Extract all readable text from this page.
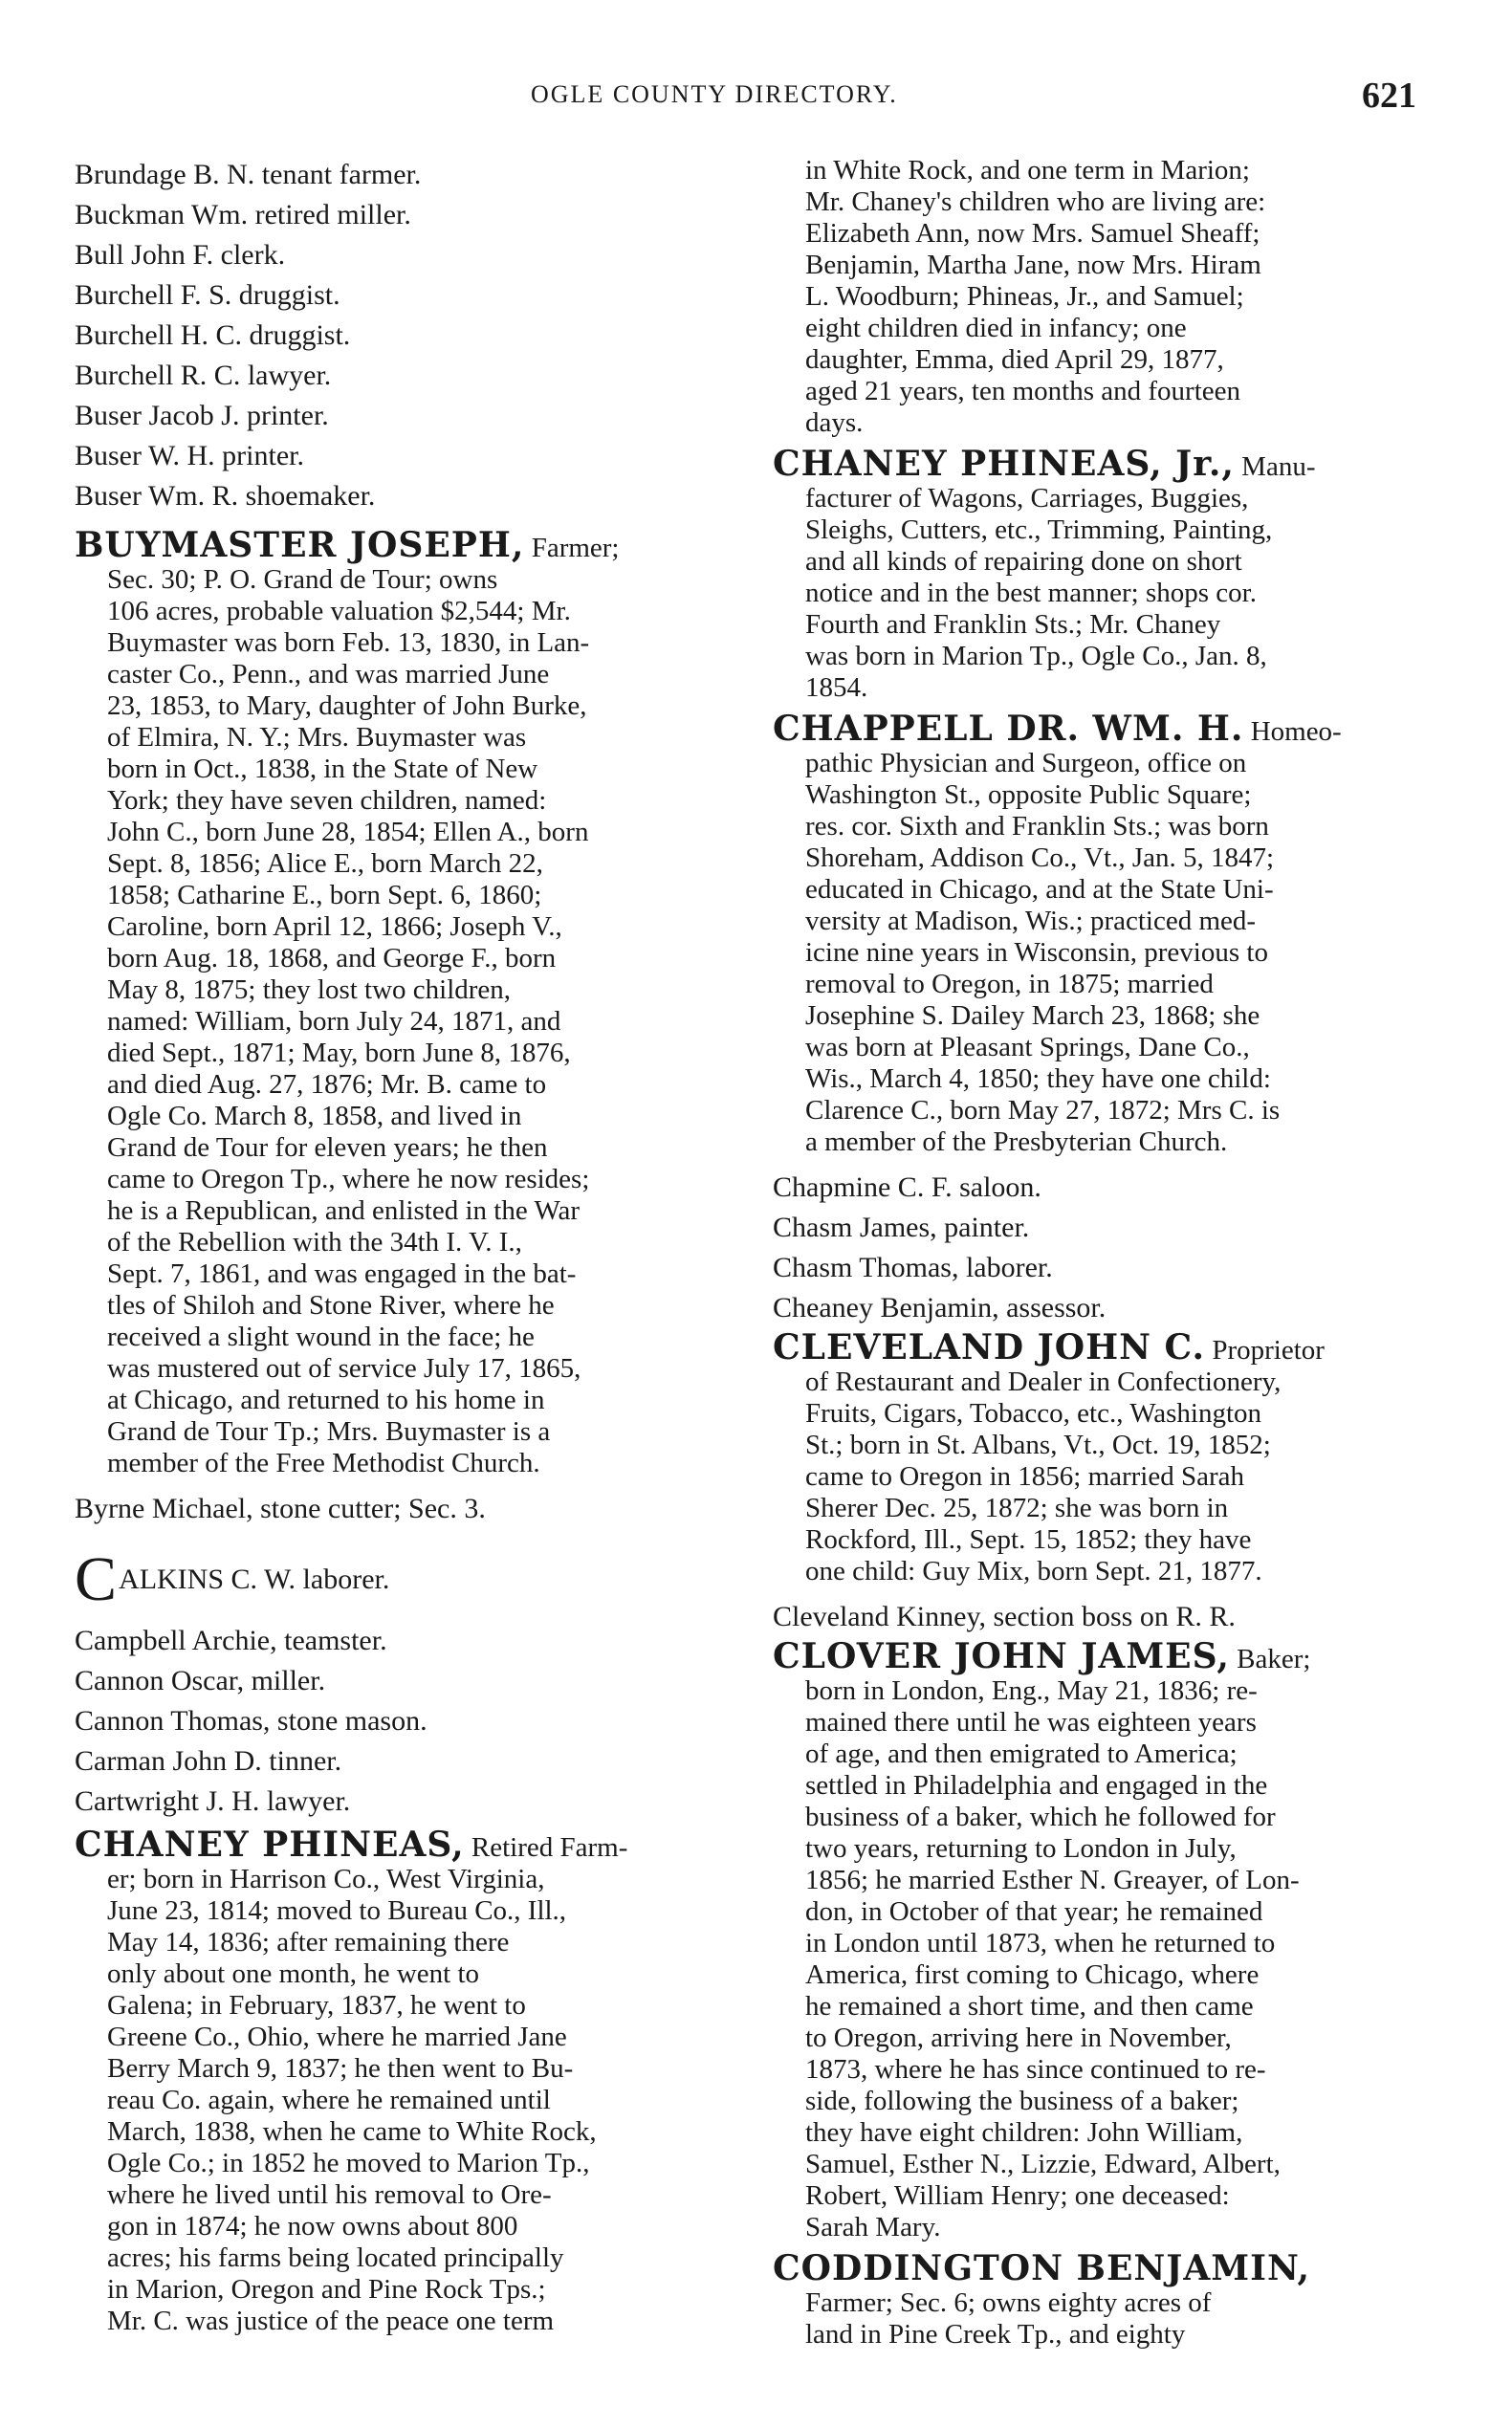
OGLE COUNTY DIRECTORY.	621
Brundage B. N. tenant farmer.
Buckman Wm. retired miller.
Bull John F. clerk.
Burchell F. S. druggist.
Burchell H. C. druggist.
Burchell R. C. lawyer.
Buser Jacob J. printer.
Buser W. H. printer.
Buser Wm. R. shoemaker.
BUYMASTER JOSEPH, Farmer;
Sec. 30; P. O. Grand de Tour; owns
106 acres, probable valuation $2,544; Mr.
Buymaster was born Feb. 13, 1830, in Lan-
caster Co., Penn., and was married June
23, 1853, to Mary, daughter of John Burke,
of Elmira, N. Y.; Mrs. Buymaster was
born in Oct., 1838, in the State of New
York; they have seven children, named:
John C., born June 28, 1854; Ellen A., born
Sept. 8, 1856; Alice E., born March 22,
1858; Catharine E., born Sept. 6, 1860;
Caroline, born April 12, 1866; Joseph V.,
born Aug. 18, 1868, and George F., born
May 8, 1875; they lost two children,
named: William, born July 24, 1871, and
died Sept., 1871; May, born June 8, 1876,
and died Aug. 27, 1876; Mr. B. came to
Ogle Co. March 8, 1858, and lived in
Grand de Tour for eleven years; he then
came to Oregon Tp., where he now resides;
he is a Republican, and enlisted in the War
of the Rebellion with the 34th I. V. I.,
Sept. 7, 1861, and was engaged in the bat-
tles of Shiloh and Stone River, where he
received a slight wound in the face; he
was mustered out of service July 17, 1865,
at Chicago, and returned to his home in
Grand de Tour Tp.; Mrs. Buymaster is a
member of the Free Methodist Church.
Byrne Michael, stone cutter; Sec. 3.
CALKINS C. W. laborer.
Campbell Archie, teamster.
Cannon Oscar, miller.
Cannon Thomas, stone mason.
Carman John D. tinner.
Cartwright J. H. lawyer.
CHANEY PHINEAS, Retired Farm-
er; born in Harrison Co., West Virginia,
June 23, 1814; moved to Bureau Co., Ill.,
May 14, 1836; after remaining there
only about one month, he went to
Galena; in February, 1837, he went to
Greene Co., Ohio, where he married Jane
Berry March 9, 1837; he then went to Bu-
reau Co. again, where he remained until
March, 1838, when he came to White Rock,
Ogle Co.; in 1852 he moved to Marion Tp.,
where he lived until his removal to Ore-
gon in 1874; he now owns about 800
acres; his farms being located principally
in Marion, Oregon and Pine Rock Tps.;
Mr. C. was justice of the peace one term
in White Rock, and one term in Marion;
Mr. Chaney's children who are living are:
Elizabeth Ann, now Mrs. Samuel Sheaff;
Benjamin, Martha Jane, now Mrs. Hiram
L. Woodburn; Phineas, Jr., and Samuel;
eight children died in infancy; one
daughter, Emma, died April 29, 1877,
aged 21 years, ten months and fourteen
days.
CHANEY PHINEAS, Jr., Manu-
facturer of Wagons, Carriages, Buggies,
Sleighs, Cutters, etc., Trimming, Painting,
and all kinds of repairing done on short
notice and in the best manner; shops cor.
Fourth and Franklin Sts.; Mr. Chaney
was born in Marion Tp., Ogle Co., Jan. 8,
1854.
CHAPPELL DR. WM. H. Homeo-
pathic Physician and Surgeon, office on
Washington St., opposite Public Square;
res. cor. Sixth and Franklin Sts.; was born
Shoreham, Addison Co., Vt., Jan. 5, 1847;
educated in Chicago, and at the State Uni-
versity at Madison, Wis.; practiced med-
icine nine years in Wisconsin, previous to
removal to Oregon, in 1875; married
Josephine S. Dailey March 23, 1868; she
was born at Pleasant Springs, Dane Co.,
Wis., March 4, 1850; they have one child:
Clarence C., born May 27, 1872; Mrs C. is
a member of the Presbyterian Church.
Chapmine C. F. saloon.
Chasm James, painter.
Chasm Thomas, laborer.
Cheaney Benjamin, assessor.
CLEVELAND JOHN C. Proprietor
of Restaurant and Dealer in Confectionery,
Fruits, Cigars, Tobacco, etc., Washington
St.; born in St. Albans, Vt., Oct. 19, 1852;
came to Oregon in 1856; married Sarah
Sherer Dec. 25, 1872; she was born in
Rockford, Ill., Sept. 15, 1852; they have
one child: Guy Mix, born Sept. 21, 1877.
Cleveland Kinney, section boss on R. R.
CLOVER JOHN JAMES, Baker;
born in London, Eng., May 21, 1836; re-
mained there until he was eighteen years
of age, and then emigrated to America;
settled in Philadelphia and engaged in the
business of a baker, which he followed for
two years, returning to London in July,
1856; he married Esther N. Greayer, of Lon-
don, in October of that year; he remained
in London until 1873, when he returned to
America, first coming to Chicago, where
he remained a short time, and then came
to Oregon, arriving here in November,
1873, where he has since continued to re-
side, following the business of a baker;
they have eight children: John William,
Samuel, Esther N., Lizzie, Edward, Albert,
Robert, William Henry; one deceased:
Sarah Mary.
CODDINGTON BENJAMIN,
Farmer; Sec. 6; owns eighty acres of
land in Pine Creek Tp., and eighty
